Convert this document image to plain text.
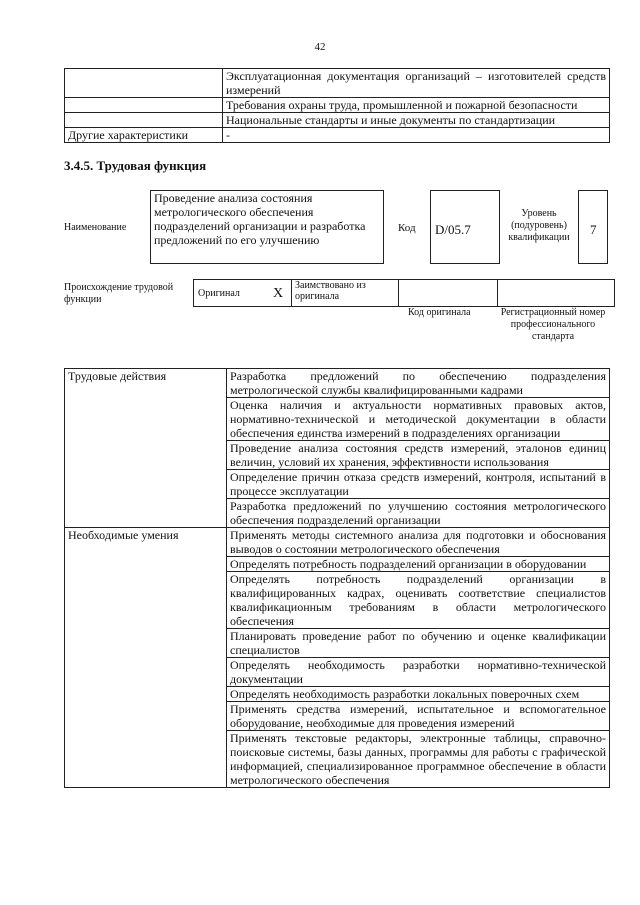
42
	Эксплуатационная документация организаций – изготовителей средств измерений
	Требования охраны труда, промышленной и пожарной безопасности
	Национальные стандарты и иные документы по стандартизации
Другие характеристики	-
3.4.5. Трудовая функция
Наименование
Проведение анализа состояния метрологического обеспечения подразделений организации и разработка предложений по его улучшению
Код	D/05.7
Уровень (подуровень) квалификации
7
Происхождение трудовой функции
Оригинал	X	Заимствовано из оригинала		
Код оригинала	Регистрационный номер профессионального стандарта
Трудовые действия	Разработка предложений по обеспечению подразделения метрологической службы квалифицированными кадрами
	Оценка наличия и актуальности нормативных правовых актов, нормативно-технической и методической документации в области обеспечения единства измерений в подразделениях организации
	Проведение анализа состояния средств измерений, эталонов единиц величин, условий их хранения, эффективности использования
	Определение причин отказа средств измерений, контроля, испытаний в процессе эксплуатации
	Разработка предложений по улучшению состояния метрологического обеспечения подразделений организации
Необходимые умения	Применять методы системного анализа для подготовки и обоснования выводов о состоянии метрологического обеспечения
	Определять потребность подразделений организации в оборудовании
	Определять потребность подразделений организации в квалифицированных кадрах, оценивать соответствие специалистов квалификационным требованиям в области метрологического обеспечения
	Планировать проведение работ по обучению и оценке квалификации специалистов
	Определять необходимость разработки нормативно-технической документации
	Определять необходимость разработки локальных поверочных схем
	Применять средства измерений, испытательное и вспомогательное оборудование, необходимые для проведения измерений
	Применять текстовые редакторы, электронные таблицы, справочно-поисковые системы, базы данных, программы для работы с графической информацией, специализированное программное обеспечение в области метрологического обеспечения
